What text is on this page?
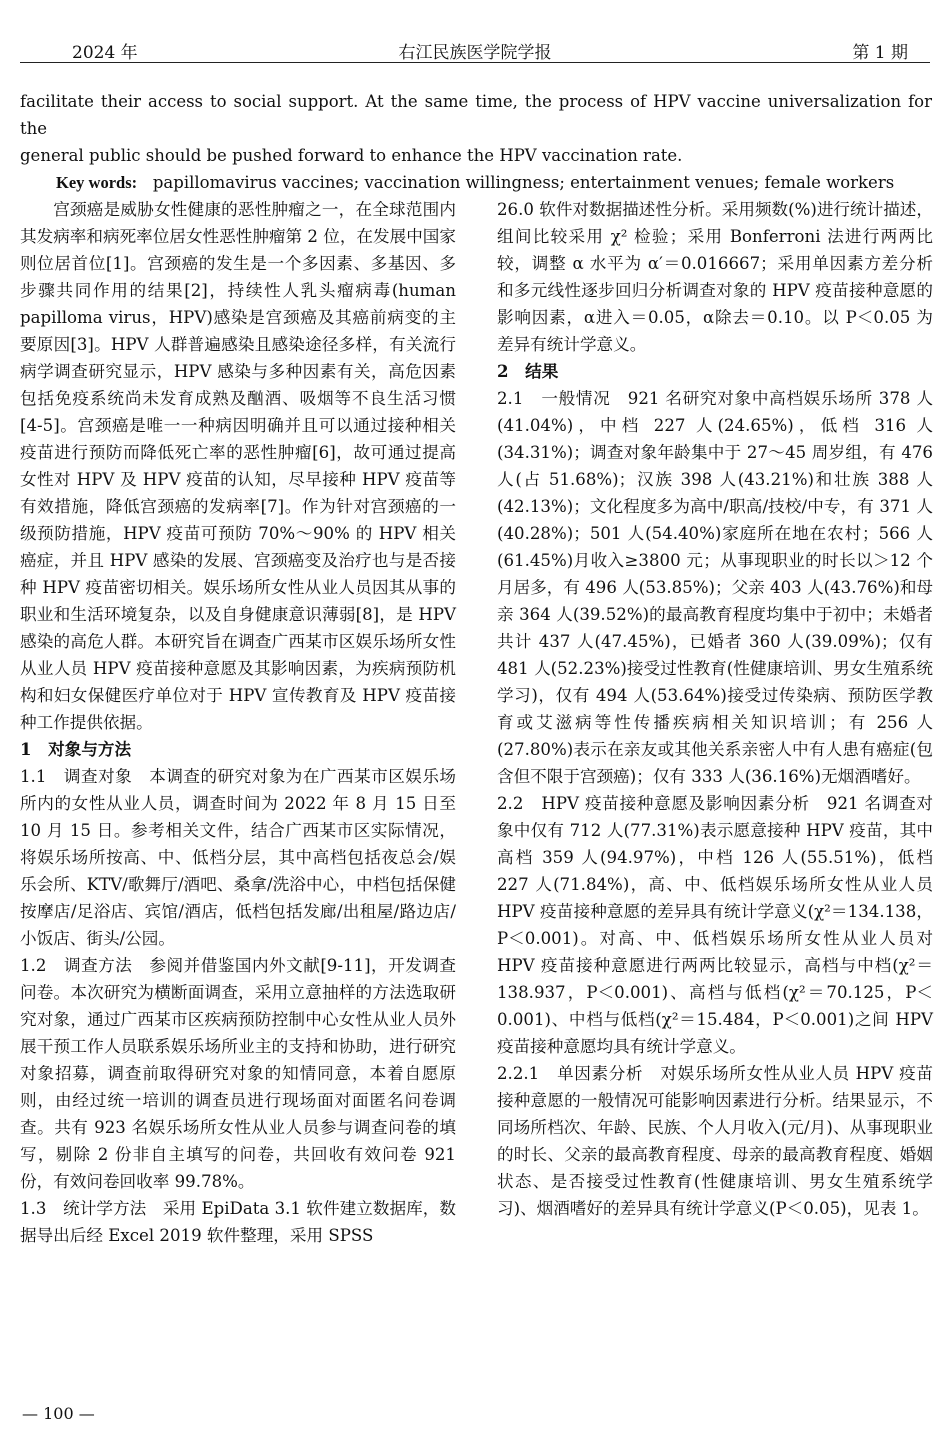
2024 年	右江民族医学院学报	第 1 期

facilitate their access to social support. At the same time, the process of HPV vaccine universalization for the

general public should be pushed forward to enhance the HPV vaccination rate.

Key words: papillomavirus vaccines; vaccination willingness; entertainment venues; female workers

宫颈癌是威胁女性健康的恶性肿瘤之一，在全球范围内其发病率和病死率位居女性恶性肿瘤第 2 位，在发展中国家则位居首位[1]。宫颈癌的发生是一个多因素、多基因、多步骤共同作用的结果[2]，持续性人乳头瘤病毒(human papilloma virus，HPV)感染是宫颈癌及其癌前病变的主要原因[3]。HPV 人群普遍感染且感染途径多样，有关流行病学调查研究显示，HPV 感染与多种因素有关，高危因素包括免疫系统尚未发育成熟及酗酒、吸烟等不良生活习惯[4-5]。宫颈癌是唯一一种病因明确并且可以通过接种相关疫苗进行预防而降低死亡率的恶性肿瘤[6]，故可通过提高女性对 HPV 及 HPV 疫苗的认知，尽早接种 HPV 疫苗等有效措施，降低宫颈癌的发病率[7]。作为针对宫颈癌的一级预防措施，HPV 疫苗可预防 70%～90% 的 HPV 相关癌症，并且 HPV 感染的发展、宫颈癌变及治疗也与是否接种 HPV 疫苗密切相关。娱乐场所女性从业人员因其从事的职业和生活环境复杂，以及自身健康意识薄弱[8]，是 HPV 感染的高危人群。本研究旨在调查广西某市区娱乐场所女性从业人员 HPV 疫苗接种意愿及其影响因素，为疾病预防机构和妇女保健医疗单位对于 HPV 宣传教育及 HPV 疫苗接种工作提供依据。

1　对象与方法

1.1　调查对象　本调查的研究对象为在广西某市区娱乐场所内的女性从业人员，调查时间为 2022 年 8 月 15 日至 10 月 15 日。参考相关文件，结合广西某市区实际情况，将娱乐场所按高、中、低档分层，其中高档包括夜总会/娱乐会所、KTV/歌舞厅/酒吧、桑拿/洗浴中心，中档包括保健按摩店/足浴店、宾馆/酒店，低档包括发廊/出租屋/路边店/小饭店、街头/公园。

1.2　调查方法　参阅并借鉴国内外文献[9-11]，开发调查问卷。本次研究为横断面调查，采用立意抽样的方法选取研究对象，通过广西某市区疾病预防控制中心女性从业人员外展干预工作人员联系娱乐场所业主的支持和协助，进行研究对象招募，调查前取得研究对象的知情同意，本着自愿原则，由经过统一培训的调查员进行现场面对面匿名问卷调查。共有 923 名娱乐场所女性从业人员参与调查问卷的填写，剔除 2 份非自主填写的问卷，共回收有效问卷 921 份，有效问卷回收率 99.78%。

1.3　统计学方法　采用 EpiData 3.1 软件建立数据库，数据导出后经 Excel 2019 软件整理，采用 SPSS

26.0 软件对数据描述性分析。采用频数(%)进行统计描述，组间比较采用 χ² 检验；采用 Bonferroni 法进行两两比较，调整 α 水平为 α′＝0.016667；采用单因素方差分析和多元线性逐步回归分析调查对象的 HPV 疫苗接种意愿的影响因素，α进入＝0.05，α除去＝0.10。以 P＜0.05 为差异有统计学意义。

2　结果

2.1　一般情况　921 名研究对象中高档娱乐场所 378 人(41.04%)，中档 227 人(24.65%)，低档 316 人(34.31%)；调查对象年龄集中于 27～45 周岁组，有 476 人(占 51.68%)；汉族 398 人(43.21%)和壮族 388 人(42.13%)；文化程度多为高中/职高/技校/中专，有 371 人(40.28%)；501 人(54.40%)家庭所在地在农村；566 人(61.45%)月收入≥3800 元；从事现职业的时长以＞12 个月居多，有 496 人(53.85%)；父亲 403 人(43.76%)和母亲 364 人(39.52%)的最高教育程度均集中于初中；未婚者共计 437 人(47.45%)，已婚者 360 人(39.09%)；仅有 481 人(52.23%)接受过性教育(性健康培训、男女生殖系统学习)，仅有 494 人(53.64%)接受过传染病、预防医学教育或艾滋病等性传播疾病相关知识培训；有 256 人(27.80%)表示在亲友或其他关系亲密人中有人患有癌症(包含但不限于宫颈癌)；仅有 333 人(36.16%)无烟酒嗜好。

2.2　HPV 疫苗接种意愿及影响因素分析　921 名调查对象中仅有 712 人(77.31%)表示愿意接种 HPV 疫苗，其中高档 359 人(94.97%)，中档 126 人(55.51%)，低档 227 人(71.84%)，高、中、低档娱乐场所女性从业人员 HPV 疫苗接种意愿的差异具有统计学意义(χ²＝134.138，P＜0.001)。对高、中、低档娱乐场所女性从业人员对 HPV 疫苗接种意愿进行两两比较显示，高档与中档(χ²＝138.937，P＜0.001)、高档与低档(χ²＝70.125，P＜0.001)、中档与低档(χ²＝15.484，P＜0.001)之间 HPV 疫苗接种意愿均具有统计学意义。

2.2.1　单因素分析　对娱乐场所女性从业人员 HPV 疫苗接种意愿的一般情况可能影响因素进行分析。结果显示，不同场所档次、年龄、民族、个人月收入(元/月)、从事现职业的时长、父亲的最高教育程度、母亲的最高教育程度、婚姻状态、是否接受过性教育(性健康培训、男女生殖系统学习)、烟酒嗜好的差异具有统计学意义(P＜0.05)，见表 1。

— 100 —
